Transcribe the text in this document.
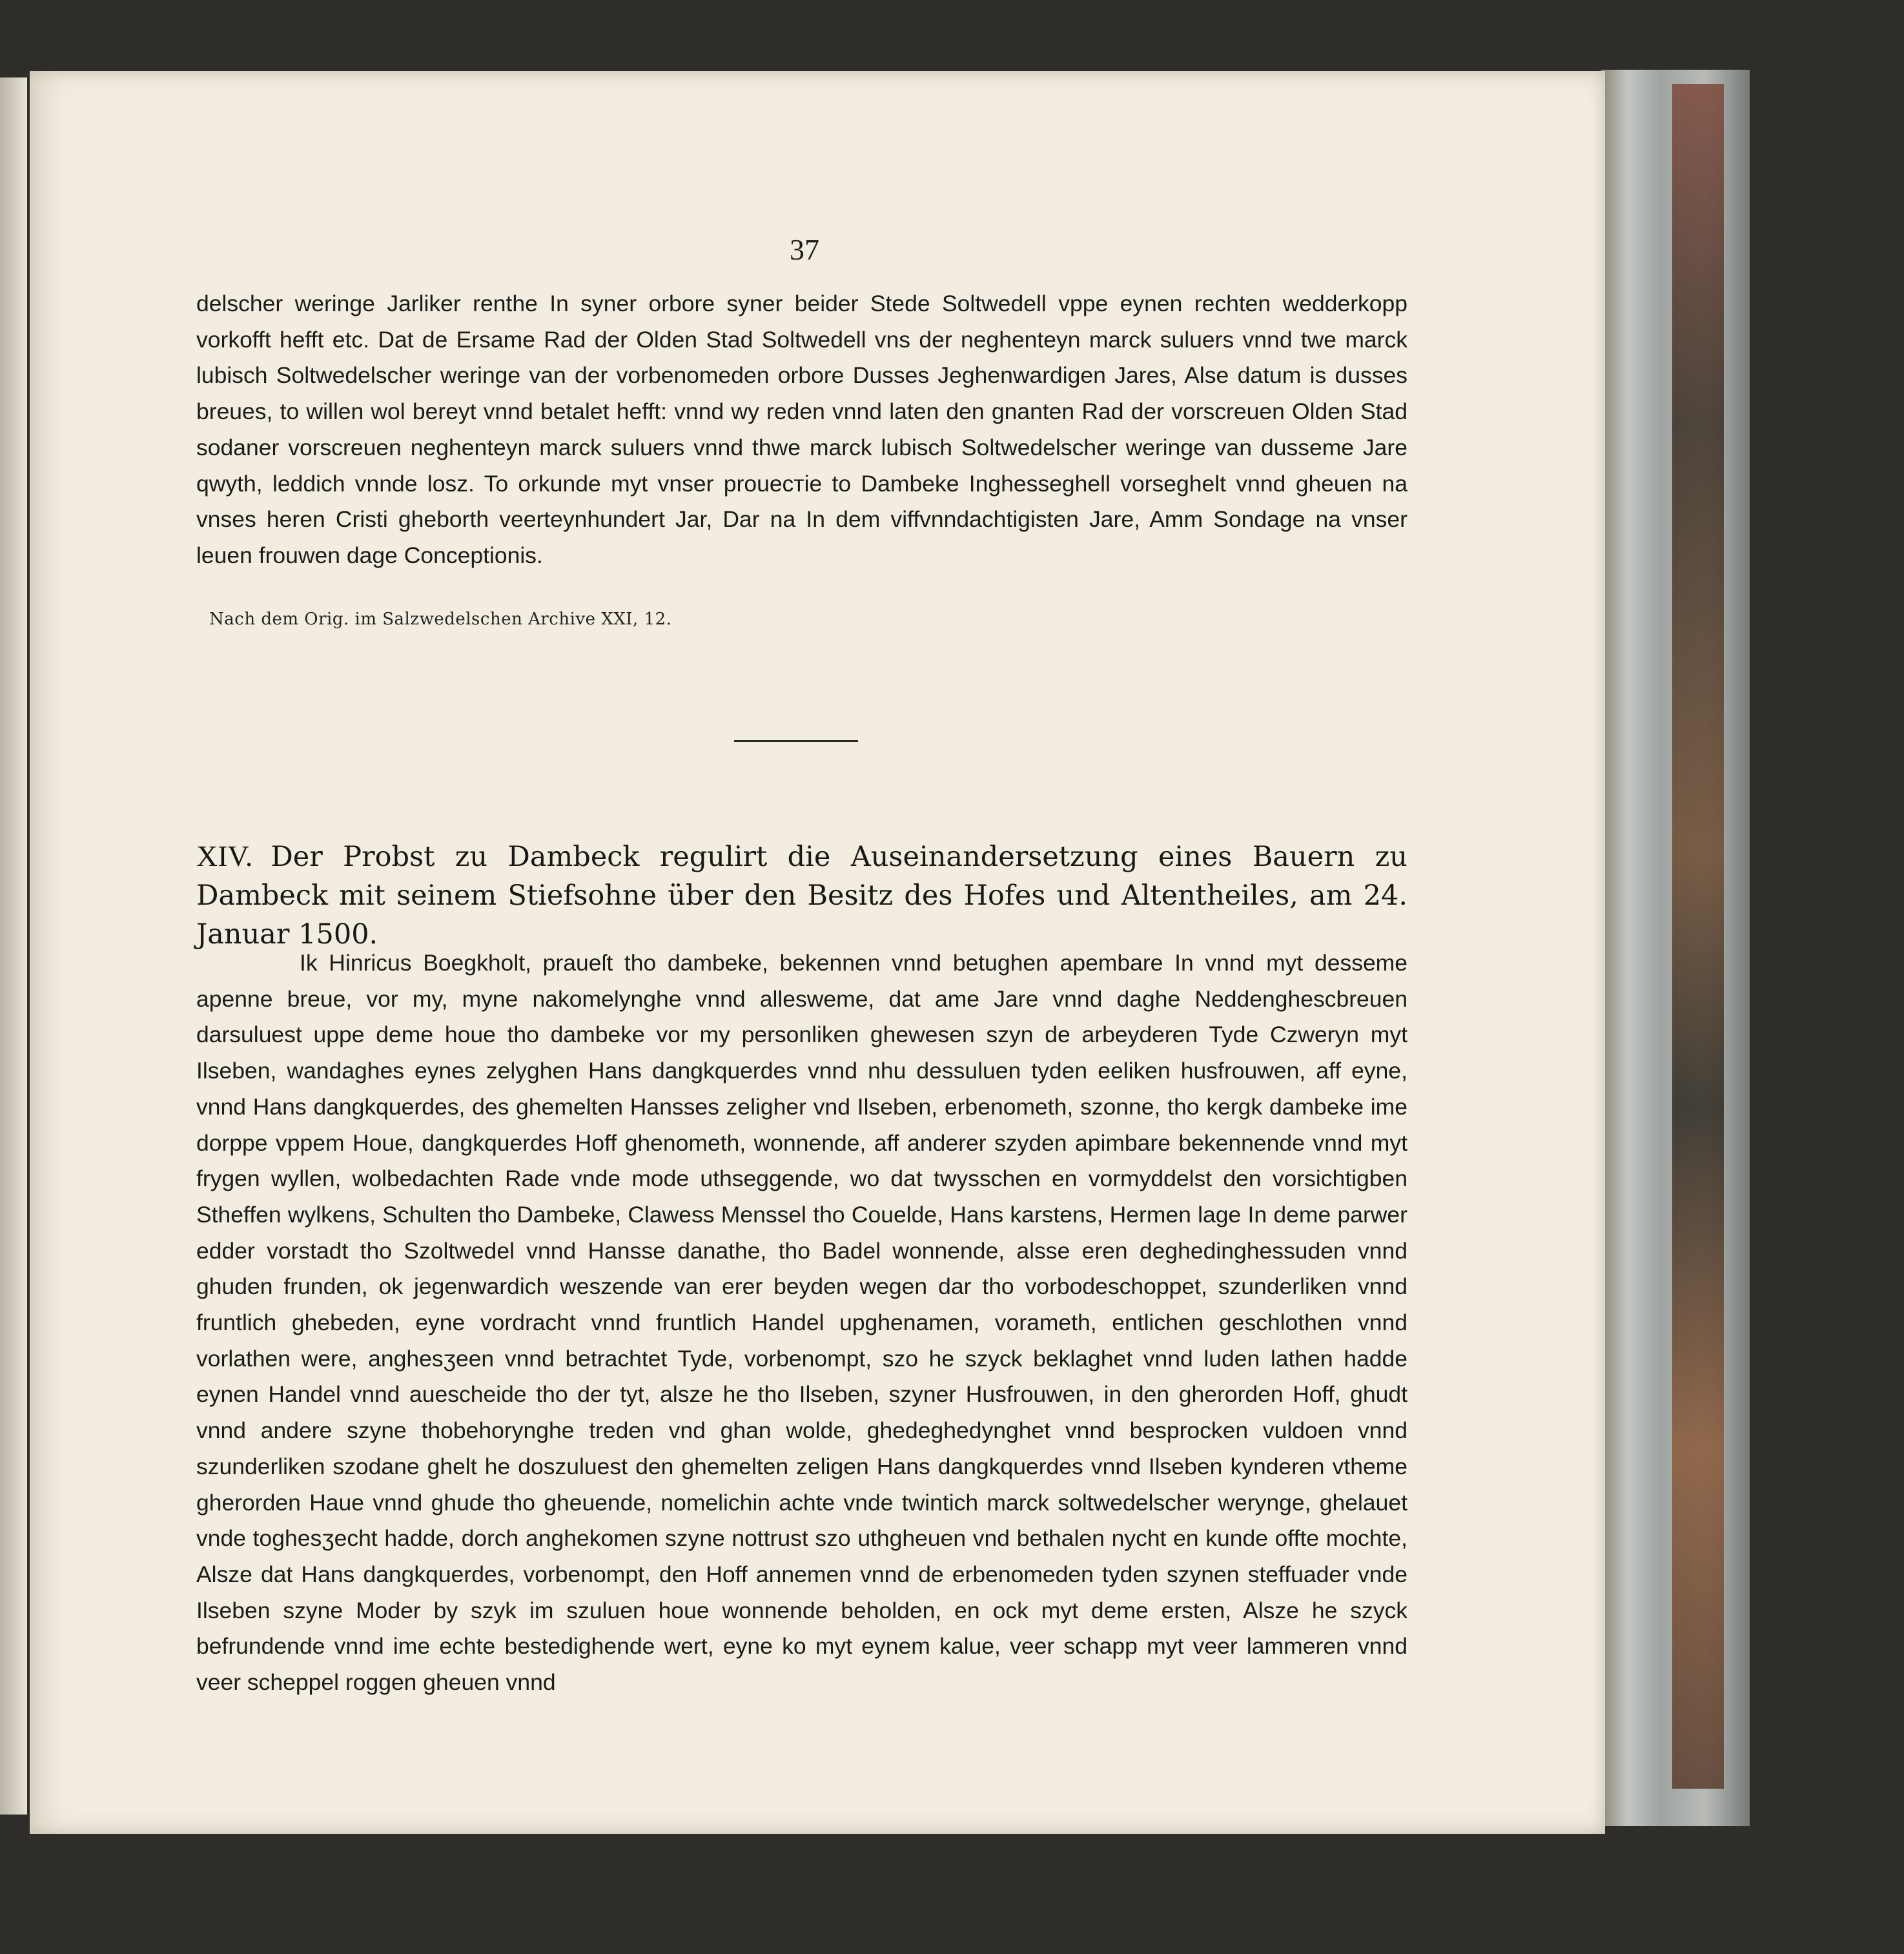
37

delscher weringe Jarliker renthe In syner orbore syner beider Stede Soltwedell vppe eynen rechten wedderkopp vorkofft hefft etc. Dat de Ersame Rad der Olden Stad Soltwedell vns der neghenteyn marck suluers vnnd twe marck lubisch Soltwedelscher weringe van der vorbenomeden orbore Dusses Jeghenwardigen Jares, Alse datum is dusses breues, to willen wol bereyt vnnd betalet hefft: vnnd wy reden vnnd laten den gnanten Rad der vorscreuen Olden Stad sodaner vorscreuen neghenteyn marck suluers vnnd thwe marck lubisch Soltwedelscher weringe van dusseme Jare qwyth, leddich vnnde losz. To orkunde myt vnser proueстie to Dambeke Inghesseghell vorseghelt vnnd gheuen na vnses heren Cristi gheborth veerteynhundert Jar, Dar na In dem viffvnndachtigisten Jare, Amm Sondage na vnser leuen frouwen dage Conceptionis.

Nach dem Orig. im Salzwedelschen Archive XXI, 12.

XIV. Der Probst zu Dambeck regulirt die Auseinandersetzung eines Bauern zu Dambeck mit seinem Stiefsohne über den Besitz des Hofes und Altentheiles, am 24. Januar 1500.

Ik Hinricus Boegkholt, praueſt tho dambeke, bekennen vnnd betughen apembare In vnnd myt desseme apenne breue, vor my, myne nakomelynghe vnnd allesweme, dat ame Jare vnnd daghe Neddenghescbreuen darsuluest uppe deme houe tho dambeke vor my personliken ghewesen szyn de arbeyderen Tyde Czweryn myt Ilseben, wandaghes eynes zelyghen Hans dangkquerdes vnnd nhu dessuluen tyden eeliken husfrouwen, aff eyne, vnnd Hans dangkquerdes, des ghemelten Hansses zeligher vnd Ilseben, erbenometh, szonne, tho kergk dambeke ime dorppe vppem Houe, dangkquerdes Hoff ghenometh, wonnende, aff anderer szyden apimbare bekennende vnnd myt frygen wyllen, wolbedachten Rade vnde mode uthseggende, wo dat twysschen en vormyddelst den vorsichtigben Stheffen wylkens, Schulten tho Dambeke, Clawess Menssel tho Couelde, Hans karstens, Hermen lage In deme parwer edder vorstadt tho Szoltwedel vnnd Hansse danathe, tho Badel wonnende, alsse eren deghedinghessuden vnnd ghuden frunden, ok jegenwardich weszende van erer beyden wegen dar tho vorbodeschoppet, szunderliken vnnd fruntlich ghebeden, eyne vordracht vnnd fruntlich Handel upghenamen, vorameth, entlichen geschlothen vnnd vorlathen were, anghesʒeen vnnd betrachtet Tyde, vorbenompt, szo he szyck beklaghet vnnd luden lathen hadde eynen Handel vnnd auescheide tho der tyt, alsze he tho Ilseben, szyner Husfrouwen, in den gherorden Hoff, ghudt vnnd andere szyne thobehorynghe treden vnd ghan wolde, ghedeghedynghet vnnd besprocken vuldoen vnnd szunderliken szodane ghelt he doszuluest den ghemelten zeligen Hans dangkquerdes vnnd Ilseben kynderen vtheme gherorden Haue vnnd ghude tho gheuende, nomelichin achte vnde twintich marck soltwedelscher werynge, ghelauet vnde toghesʒecht hadde, dorch anghekomen szyne nottrust szo uthgheuen vnd bethalen nycht en kunde offte mochte, Alsze dat Hans dangkquerdes, vorbenompt, den Hoff annemen vnnd de erbenomeden tyden szynen steffuader vnde Ilseben szyne Moder by szyk im szuluen houe wonnende beholden, en ock myt deme ersten, Alsze he szyck befrundende vnnd ime echte bestedighende wert, eyne ko myt eynem kalue, veer schapp myt veer lammeren vnnd veer scheppel roggen gheuen vnnd
